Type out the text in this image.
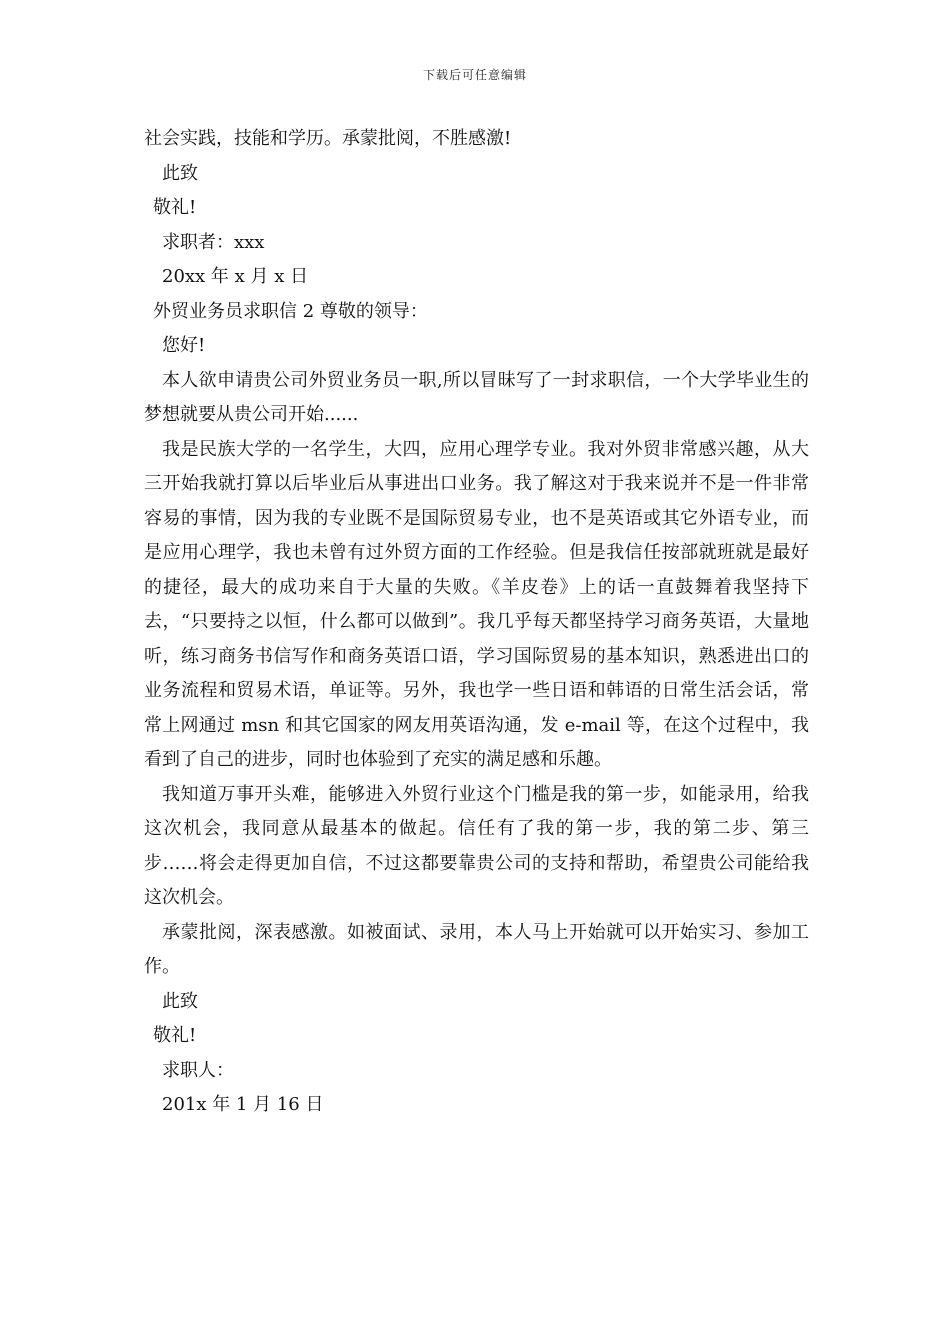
下载后可任意编辑
社会实践，技能和学历。承蒙批阅，不胜感激!
此致
敬礼!
求职者：xxx
20xx 年 x 月 x 日
外贸业务员求职信 2 尊敬的领导：
您好!

本人欲申请贵公司外贸业务员一职,所以冒昧写了一封求职信，一个大学毕业生的梦想就要从贵公司开始......

我是民族大学的一名学生，大四，应用心理学专业。我对外贸非常感兴趣，从大三开始我就打算以后毕业后从事进出口业务。我了解这对于我来说并不是一件非常容易的事情，因为我的专业既不是国际贸易专业，也不是英语或其它外语专业，而是应用心理学，我也未曾有过外贸方面的工作经验。但是我信任按部就班就是最好的捷径，最大的成功来自于大量的失败。《羊皮卷》上的话一直鼓舞着我坚持下去，“只要持之以恒，什么都可以做到”。我几乎每天都坚持学习商务英语，大量地听，练习商务书信写作和商务英语口语，学习国际贸易的基本知识，熟悉进出口的业务流程和贸易术语，单证等。另外，我也学一些日语和韩语的日常生活会话，常常上网通过 msn 和其它国家的网友用英语沟通，发 e-mail 等，在这个过程中，我看到了自己的进步，同时也体验到了充实的满足感和乐趣。

我知道万事开头难，能够进入外贸行业这个门槛是我的第一步，如能录用，给我这次机会，我同意从最基本的做起。信任有了我的第一步，我的第二步、第三步……将会走得更加自信，不过这都要靠贵公司的支持和帮助，希望贵公司能给我这次机会。

承蒙批阅，深表感激。如被面试、录用，本人马上开始就可以开始实习、参加工作。

此致
敬礼!
求职人：
201x 年 1 月 16 日
